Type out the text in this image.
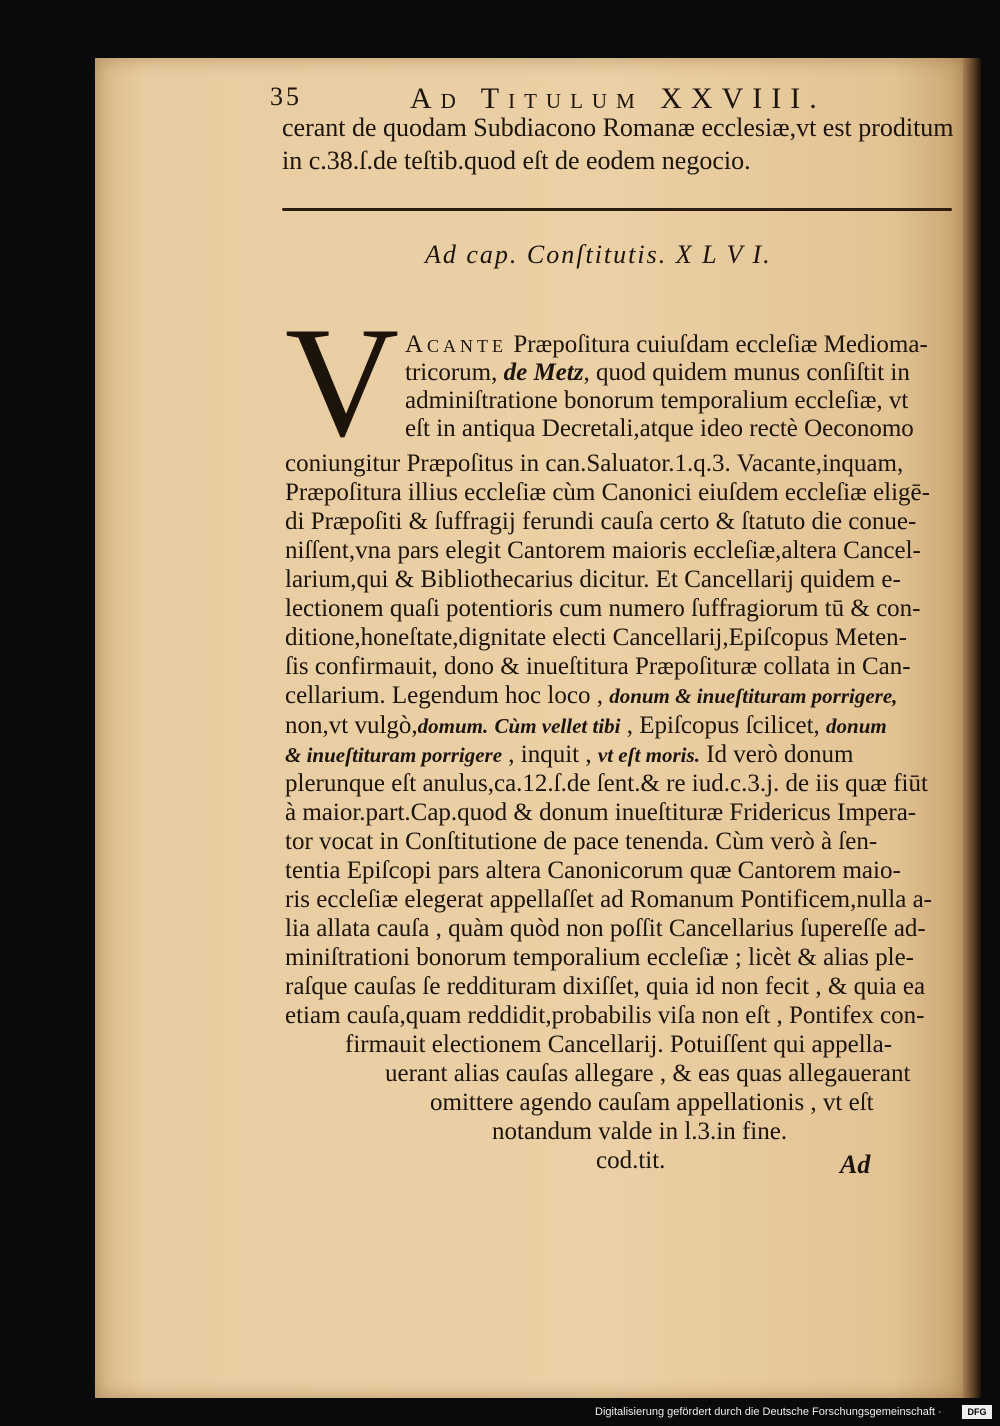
35	Ad Titulum XXVIII.
cerant de quodam Subdiacono Romanæ ecclesiæ,vt est proditum
in c.38.ſ.de teſtib.quod eſt de eodem negocio.
Ad cap. Conſtitutis. X L V I.
V Acante Præpoſitura cuiuſdam eccleſiæ Medioma-
tricorum, de Metz, quod quidem munus conſiſtit in
adminiſtratione bonorum temporalium eccleſiæ, vt
eſt in antiqua Decretali,atque ideo rectè Oeconomo
coniungitur Præpoſitus in can.Saluator.1.q.3. Vacante,inquam,
Præpoſitura illius eccleſiæ cùm Canonici eiuſdem eccleſiæ eligē-
di Præpoſiti & ſuffragij ferundi cauſa certo & ſtatuto die conue-
niſſent,vna pars elegit Cantorem maioris eccleſiæ,altera Cancel-
larium,qui & Bibliothecarius dicitur. Et Cancellarij quidem e-
lectionem quaſi potentioris cum numero ſuffragiorum tū & con-
ditione,honeſtate,dignitate electi Cancellarij,Epiſcopus Meten-
ſis confirmauit, dono & inueſtitura Præpoſituræ collata in Can-
cellarium. Legendum hoc loco , donum & inueſtituram porrigere,
non,vt vulgò,domum. Cùm vellet tibi , Epiſcopus ſcilicet, donum
& inueſtituram porrigere , inquit , vt eſt moris. Id verò donum
plerunque eſt anulus,ca.12.ſ.de ſent.& re iud.c.3.ϳ. de iis quæ fiūt
à maior.part.Cap.quod & donum inueſtituræ Fridericus Impera-
tor vocat in Conſtitutione de pace tenenda. Cùm verò à ſen-
tentia Epiſcopi pars altera Canonicorum quæ Cantorem maio-
ris eccleſiæ elegerat appellaſſet ad Romanum Pontificem,nulla a-
lia allata cauſa , quàm quòd non poſſit Cancellarius ſupereſſe ad-
miniſtrationi bonorum temporalium eccleſiæ ; licèt & alias ple-
raſque cauſas ſe reddituram dixiſſet, quia id non fecit , & quia ea
etiam cauſa,quam reddidit,probabilis viſa non eſt , Pontifex con-
firmauit electionem Cancellarij. Potuiſſent qui appella-
uerant alias cauſas allegare , & eas quas allegauerant
omittere agendo cauſam appellationis , vt eſt
notandum valde in l.3.in fine.
cod.tit.	Ad
Digitalisierung gefördert durch die Deutsche Forschungsgemeinschaft ·	DFG
